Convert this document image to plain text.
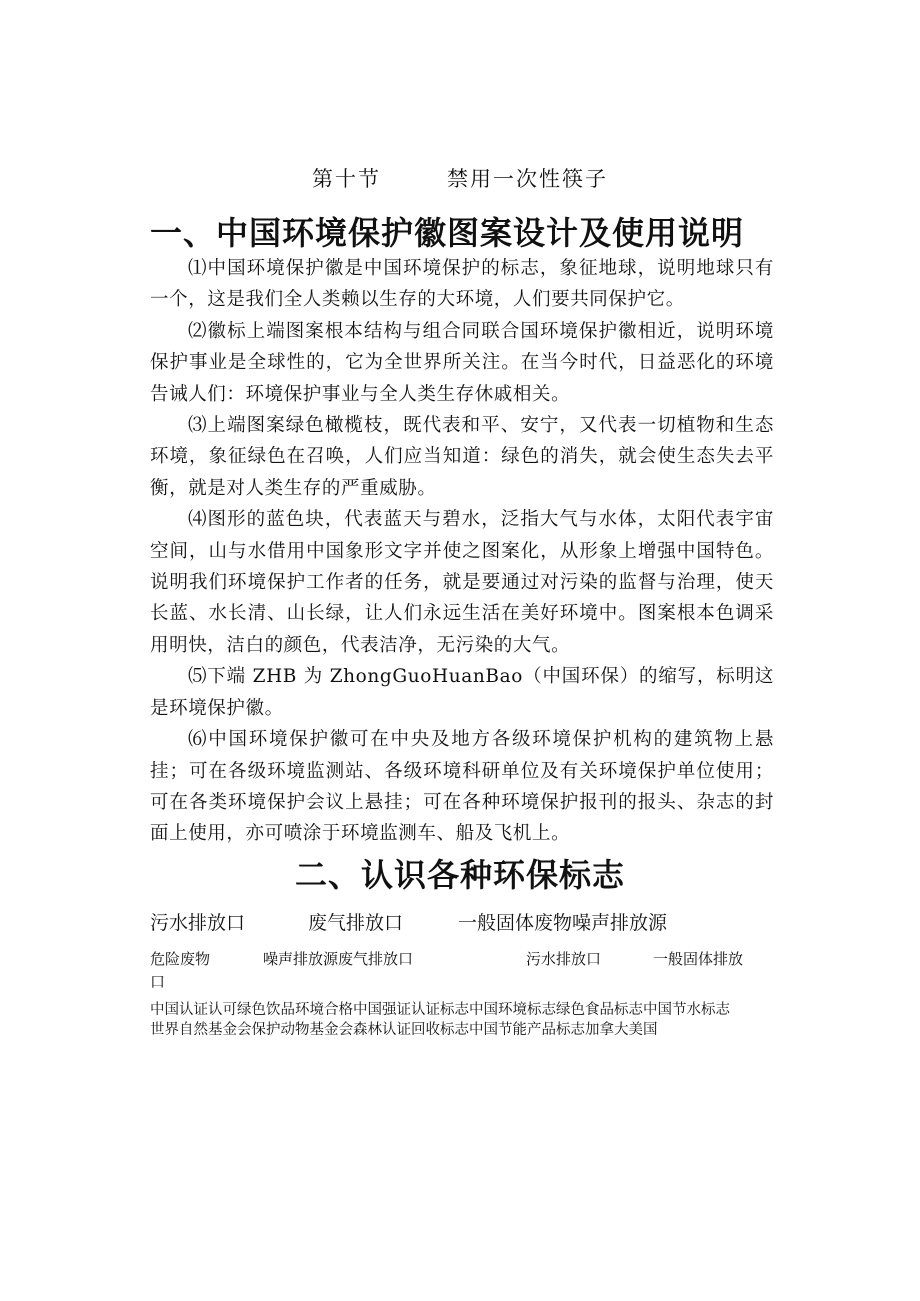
第十节	禁用一次性筷子
一、中国环境保护徽图案设计及使用说明

⑴中国环境保护徽是中国环境保护的标志，象征地球，说明地球只有一个，这是我们全人类赖以生存的大环境，人们要共同保护它。

⑵徽标上端图案根本结构与组合同联合国环境保护徽相近，说明环境保护事业是全球性的，它为全世界所关注。在当今时代，日益恶化的环境告诫人们：环境保护事业与全人类生存休戚相关。

⑶上端图案绿色橄榄枝，既代表和平、安宁，又代表一切植物和生态环境，象征绿色在召唤，人们应当知道：绿色的消失，就会使生态失去平衡，就是对人类生存的严重威胁。

⑷图形的蓝色块，代表蓝天与碧水，泛指大气与水体，太阳代表宇宙空间，山与水借用中国象形文字并使之图案化，从形象上增强中国特色。说明我们环境保护工作者的任务，就是要通过对污染的监督与治理，使天长蓝、水长清、山长绿，让人们永远生活在美好环境中。图案根本色调采用明快，洁白的颜色，代表洁净，无污染的大气。

⑸下端 ZHB 为 ZhongGuoHuanBao（中国环保）的缩写，标明这是环境保护徽。

⑹中国环境保护徽可在中央及地方各级环境保护机构的建筑物上悬挂；可在各级环境监测站、各级环境科研单位及有关环境保护单位使用；可在各类环境保护会议上悬挂；可在各种环境保护报刊的报头、杂志的封面上使用，亦可喷涂于环境监测车、船及飞机上。

二、认识各种环保标志
污水排放口	废气排放口	一般固体废物噪声排放源
危险废物	噪声排放源废气排放口	污水排放口	一般固体排放
口
中国认证认可绿色饮品环境合格中国强证认证标志中国环境标志绿色食品标志中国节水标志
世界自然基金会保护动物基金会森林认证回收标志中国节能产品标志加拿大美国
